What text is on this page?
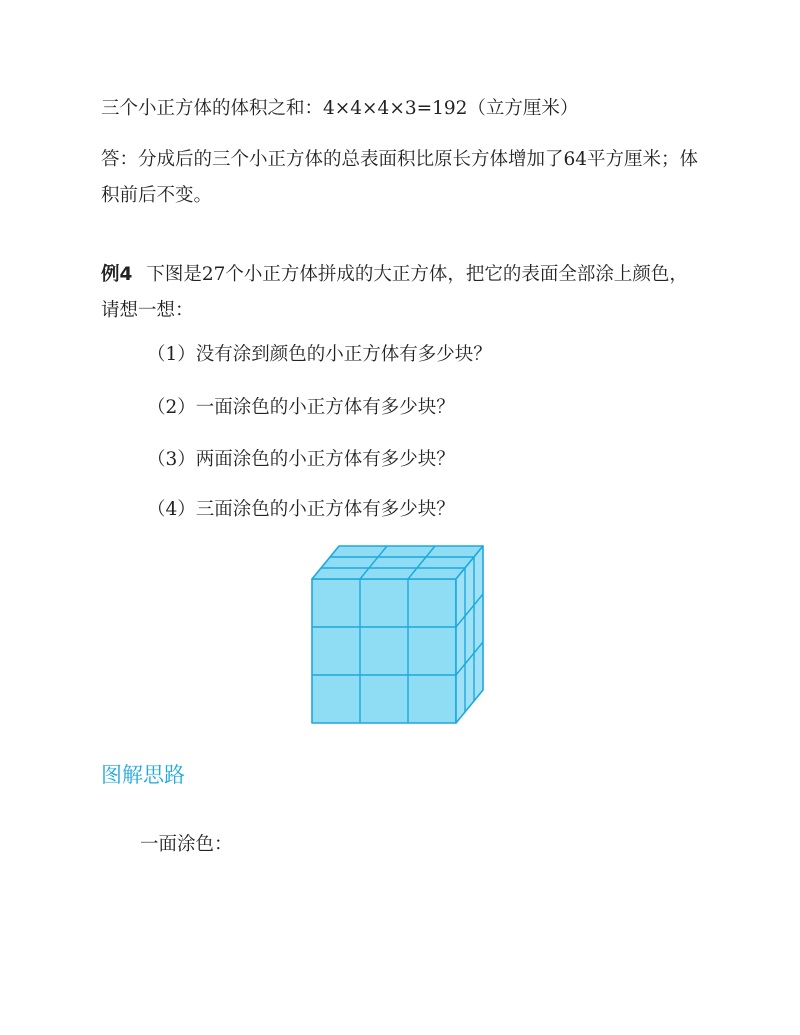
三个小正方体的体积之和：4×4×4×3=192（立方厘米）
答：分成后的三个小正方体的总表面积比原长方体增加了64平方厘米；体积前后不变。
例4 下图是27个小正方体拼成的大正方体，把它的表面全部涂上颜色，请想一想：
（1）没有涂到颜色的小正方体有多少块？
（2）一面涂色的小正方体有多少块？
（3）两面涂色的小正方体有多少块？
（4）三面涂色的小正方体有多少块？
图解思路
一面涂色：
